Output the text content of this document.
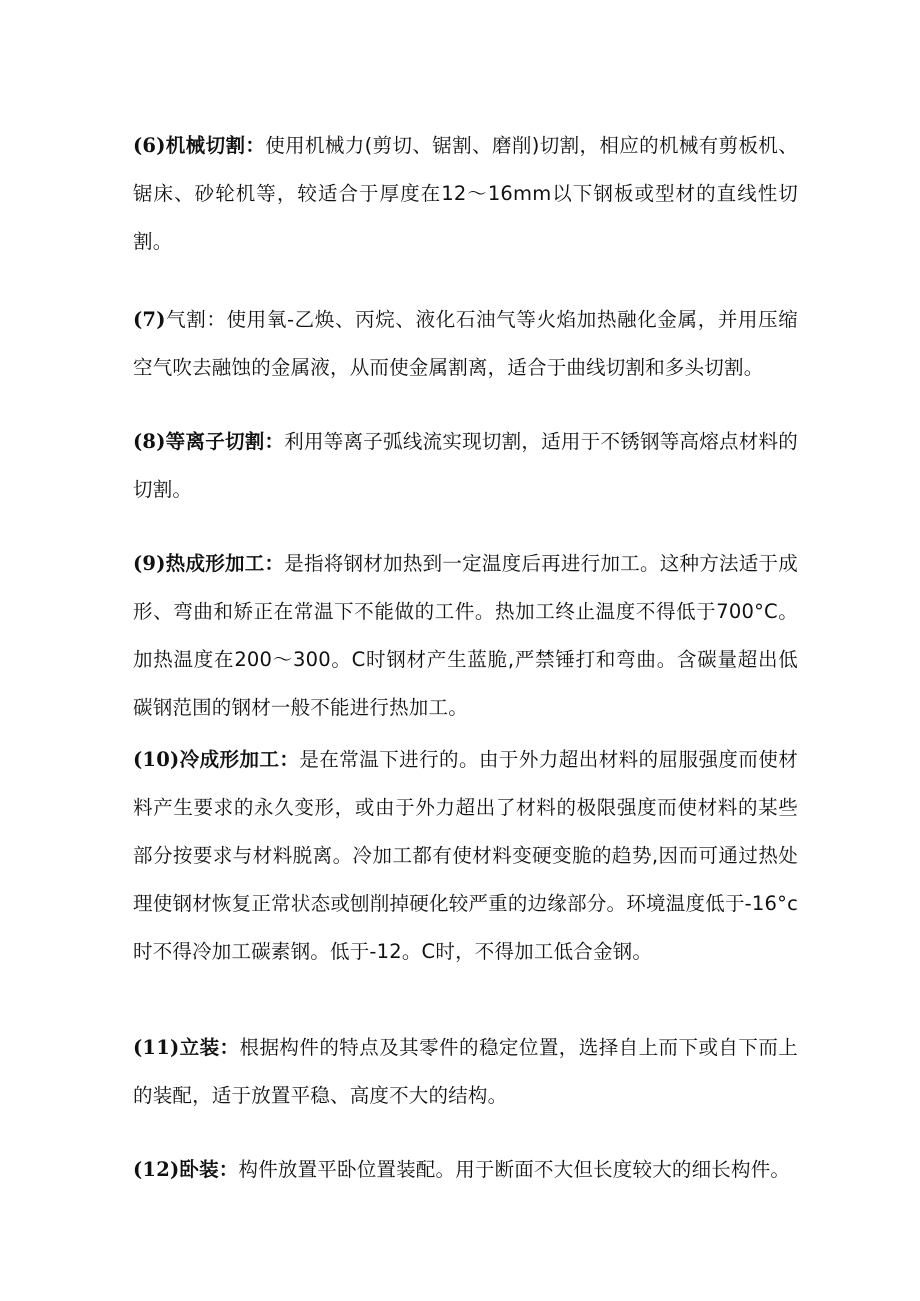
(6)机械切割：使用机械力(剪切、锯割、磨削)切割，相应的机械有剪板机、锯床、砂轮机等，较适合于厚度在12～16mm以下钢板或型材的直线性切割。

(7)气割：使用氧-乙焕、丙烷、液化石油气等火焰加热融化金属，并用压缩空气吹去融蚀的金属液，从而使金属割离，适合于曲线切割和多头切割。

(8)等离子切割：利用等离子弧线流实现切割，适用于不锈钢等高熔点材料的切割。

(9)热成形加工：是指将钢材加热到一定温度后再进行加工。这种方法适于成形、弯曲和矫正在常温下不能做的工件。热加工终止温度不得低于700°C。加热温度在200～300。C时钢材产生蓝脆,严禁锤打和弯曲。含碳量超出低碳钢范围的钢材一般不能进行热加工。

(10)冷成形加工：是在常温下进行的。由于外力超出材料的屈服强度而使材料产生要求的永久变形，或由于外力超出了材料的极限强度而使材料的某些部分按要求与材料脱离。冷加工都有使材料变硬变脆的趋势,因而可通过热处理使钢材恢复正常状态或刨削掉硬化较严重的边缘部分。环境温度低于-16°c时不得冷加工碳素钢。低于-12。C时，不得加工低合金钢。

(11)立装：根据构件的特点及其零件的稳定位置，选择自上而下或自下而上的装配，适于放置平稳、高度不大的结构。

(12)卧装：构件放置平卧位置装配。用于断面不大但长度较大的细长构件。
